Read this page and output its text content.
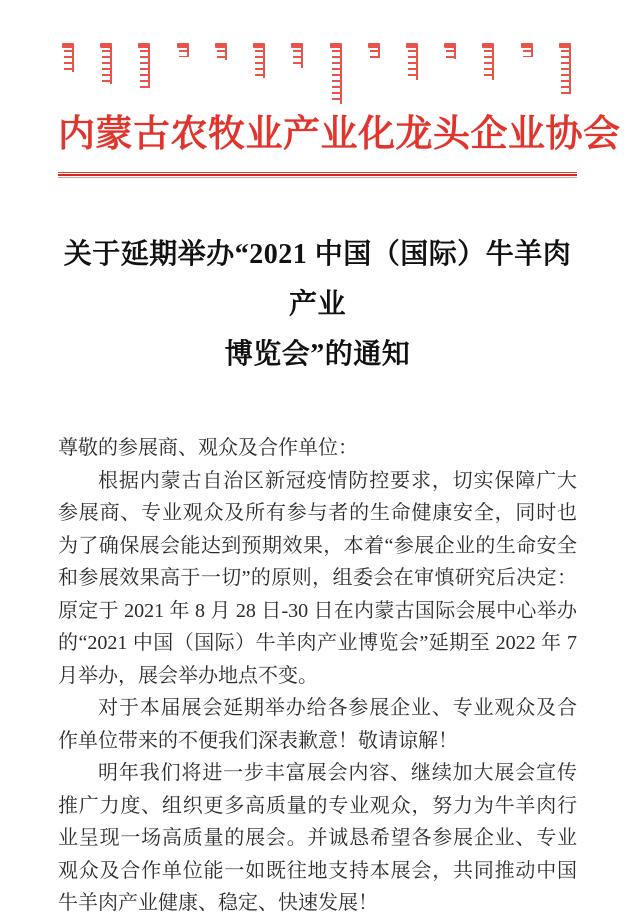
内 蒙 古 农 牧 业 产 业 化 龙 头 企 业 协 会
关于延期举办“2021 中国（国际）牛羊肉产业
博览会”的通知

尊敬的参展商、观众及合作单位：

根据内蒙古自治区新冠疫情防控要求，切实保障广大参展商、专业观众及所有参与者的生命健康安全，同时也为了确保展会能达到预期效果，本着“参展企业的生命安全和参展效果高于一切”的原则，组委会在审慎研究后决定：原定于 2021 年 8 月 28 日-30 日在内蒙古国际会展中心举办的“2021 中国（国际）牛羊肉产业博览会”延期至 2022 年 7 月举办，展会举办地点不变。

对于本届展会延期举办给各参展企业、专业观众及合作单位带来的不便我们深表歉意！敬请谅解！

明年我们将进一步丰富展会内容、继续加大展会宣传推广力度、组织更多高质量的专业观众，努力为牛羊肉行业呈现一场高质量的展会。并诚恳希望各参展企业、专业观众及合作单位能一如既往地支持本展会，共同推动中国牛羊肉产业健康、稳定、快速发展！
